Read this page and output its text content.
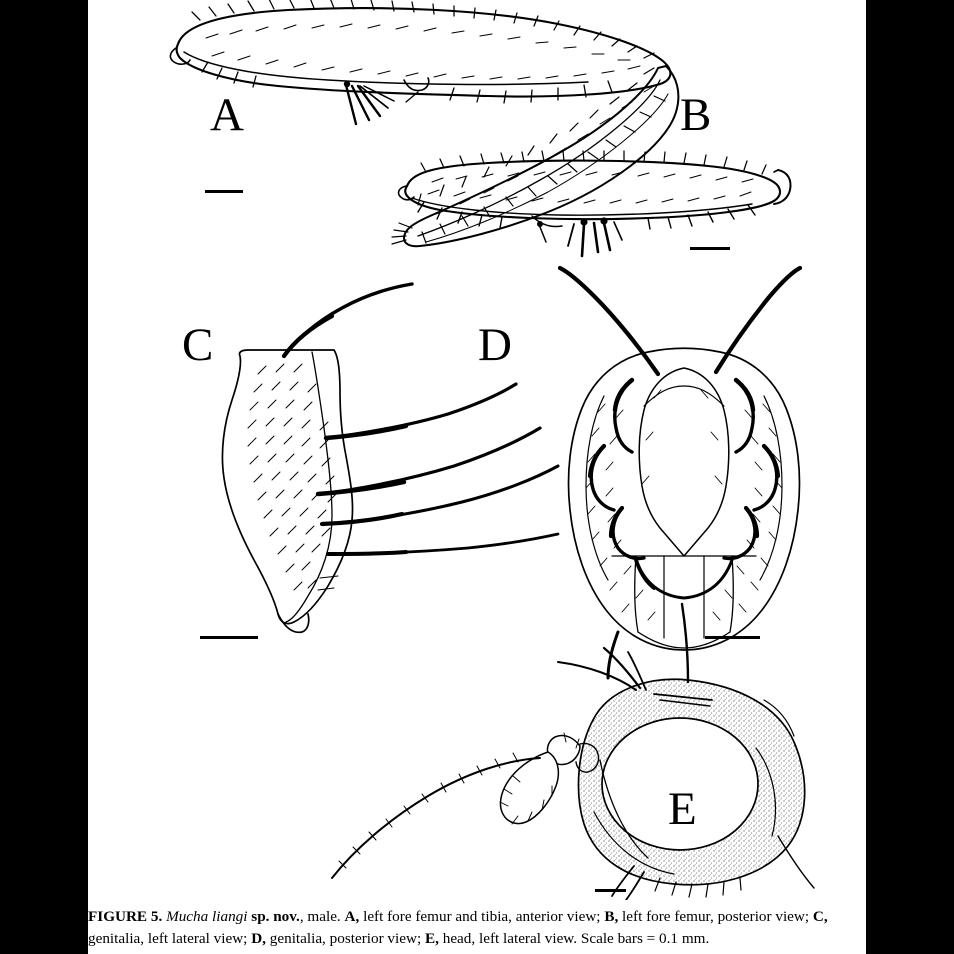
A	B
C	D
E
FIGURE 5. Mucha liangi sp. nov., male. A, left fore femur and tibia, anterior view; B, left fore femur, posterior view; C, genitalia, left lateral view; D, genitalia, posterior view; E, head, left lateral view. Scale bars = 0.1 mm.
